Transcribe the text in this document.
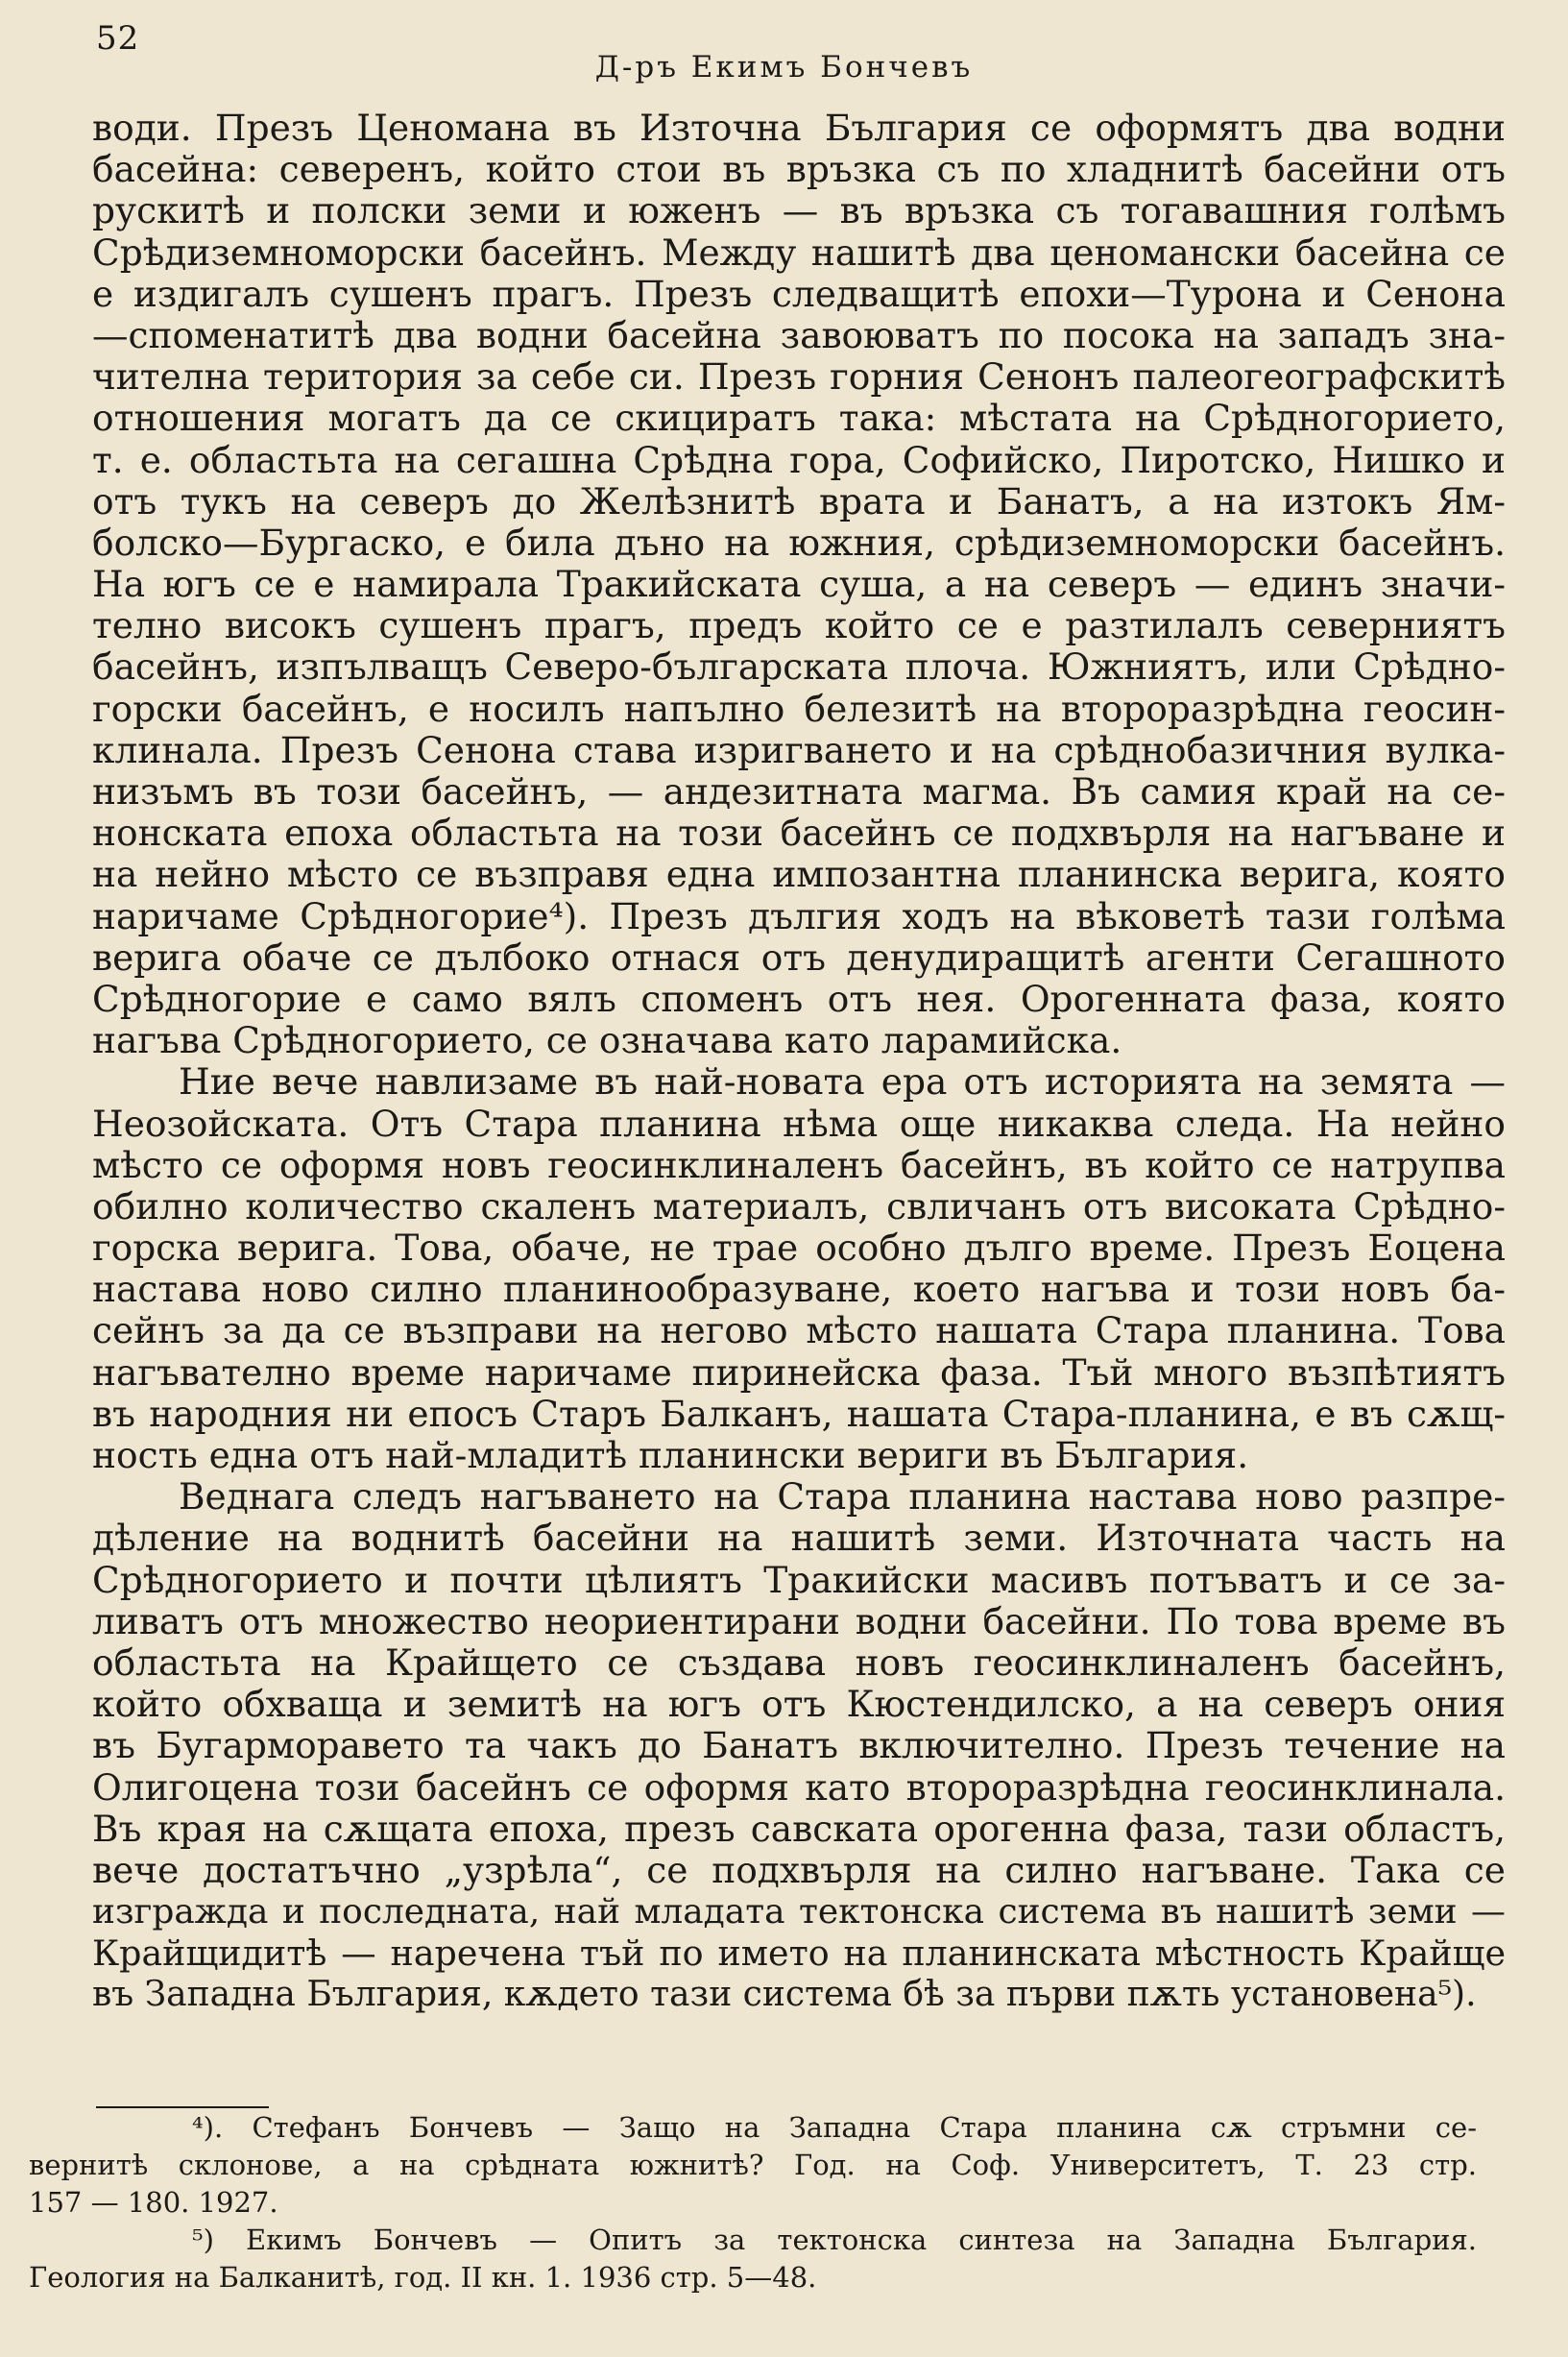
52
Д-ръ Екимъ Бончевъ
води. Презъ Ценомана въ Източна България се оформятъ два водни
басейна: северенъ, който стои въ връзка съ по хладнитѣ басейни отъ
рускитѣ и полски земи и юженъ — въ връзка съ тогавашния голѣмъ
Срѣдиземноморски басейнъ. Между нашитѣ два ценомански басейна се
е издигалъ сушенъ прагъ. Презъ следващитѣ епохи—Турона и Сенона
—споменатитѣ два водни басейна завоюватъ по посока на западъ зна-
чителна територия за себе си. Презъ горния Сенонъ палеогеографскитѣ
отношения могатъ да се скициратъ така: мѣстата на Срѣдногориeто,
т. е. областьта на сегашна Срѣдна гора, Софийско, Пиротско, Нишко и
отъ тукъ на северъ до Желѣзнитѣ врата и Банатъ, а на изтокъ Ям-
болско—Бургаско, е била дъно на южния, срѣдиземноморски басейнъ.
На югъ се е намирала Тракийската суша, а на северъ — единъ значи-
телно високъ сушенъ прагъ, предъ който се е разтилалъ северниятъ
басейнъ, изпълващъ Северо-българската плоча. Южниятъ, или Срѣдно-
горски басейнъ, е носилъ напълно белезитѣ на второразрѣдна геосин-
клинала. Презъ Сенона става изригването и на срѣднобазичния вулка-
низъмъ въ този басейнъ, — андезитната магма. Въ самия край на се-
нонската епоха областьта на този басейнъ се подхвърля на нагъване и
на нейно мѣсто се възправя една импозантна планинска верига, която
наричаме Срѣдногорие⁴). Презъ дългия ходъ на вѣковетѣ тази голѣма
верига обаче се дълбоко отнася отъ денудиращитѣ агенти Сегашното
Срѣдногорие е само вялъ споменъ отъ нея. Орогенната фаза, която
нагъва Срѣдногориeто, се означава като ларамийска.
Ние вече навлизаме въ най-новата ера отъ историята на земята —
Неозойската. Отъ Стара планина нѣма още никаква следа. На нейно
мѣсто се оформя новъ геосинклиналенъ басейнъ, въ който се натрупва
обилно количество скаленъ материалъ, свличанъ отъ високата Срѣдно-
горска верига. Това, обаче, не трае особно дълго време. Презъ Еоцена
настава ново силно планинообразуване, което нагъва и този новъ ба-
сейнъ за да се възправи на негово мѣсто нашата Стара планина. Това
нагъвателно време наричаме пиринейска фаза. Тъй много възпѣтиятъ
въ народния ни епосъ Старъ Балканъ, нашата Стара-планина, е въ сѫщ-
ность една отъ най-младитѣ планински вериги въ България.
Веднага следъ нагъването на Стара планина настава ново разпре-
дѣление на воднитѣ басейни на нашитѣ земи. Източната часть на
Срѣдногориeто и почти цѣлиятъ Тракийски масивъ потъватъ и се за-
ливатъ отъ множество неориентирани водни басейни. По това време въ
областьта на Крайщето се създава новъ геосинклиналенъ басейнъ,
който обхваща и земитѣ на югъ отъ Кюстендилско, а на северъ ония
въ Бугарморавето та чакъ до Банатъ включително. Презъ течение на
Олигоцена този басейнъ се оформя като второразрѣдна геосинклинала.
Въ края на сѫщата епоха, презъ савската орогенна фаза, тази областъ,
вече достатъчно „узрѣла“, се подхвърля на силно нагъване. Така се
изгражда и последната, най младата тектонска система въ нашитѣ земи —
Крайщидитѣ — наречена тъй по името на планинската мѣстность Крайще
въ Западна България, кѫдето тази система бѣ за първи пѫть установена⁵).
⁴). Стефанъ Бончевъ — Защо на Западна Стара планина сѫ стръмни се-
вернитѣ склонове, а на срѣдната южнитѣ? Год. на Соф. Университетъ, Т. 23 стр.
157 — 180. 1927.
⁵) Екимъ Бончевъ — Опитъ за тектонска синтеза на Западна България.
Геология на Балканитѣ, год. II кн. 1. 1936 стр. 5—48.
